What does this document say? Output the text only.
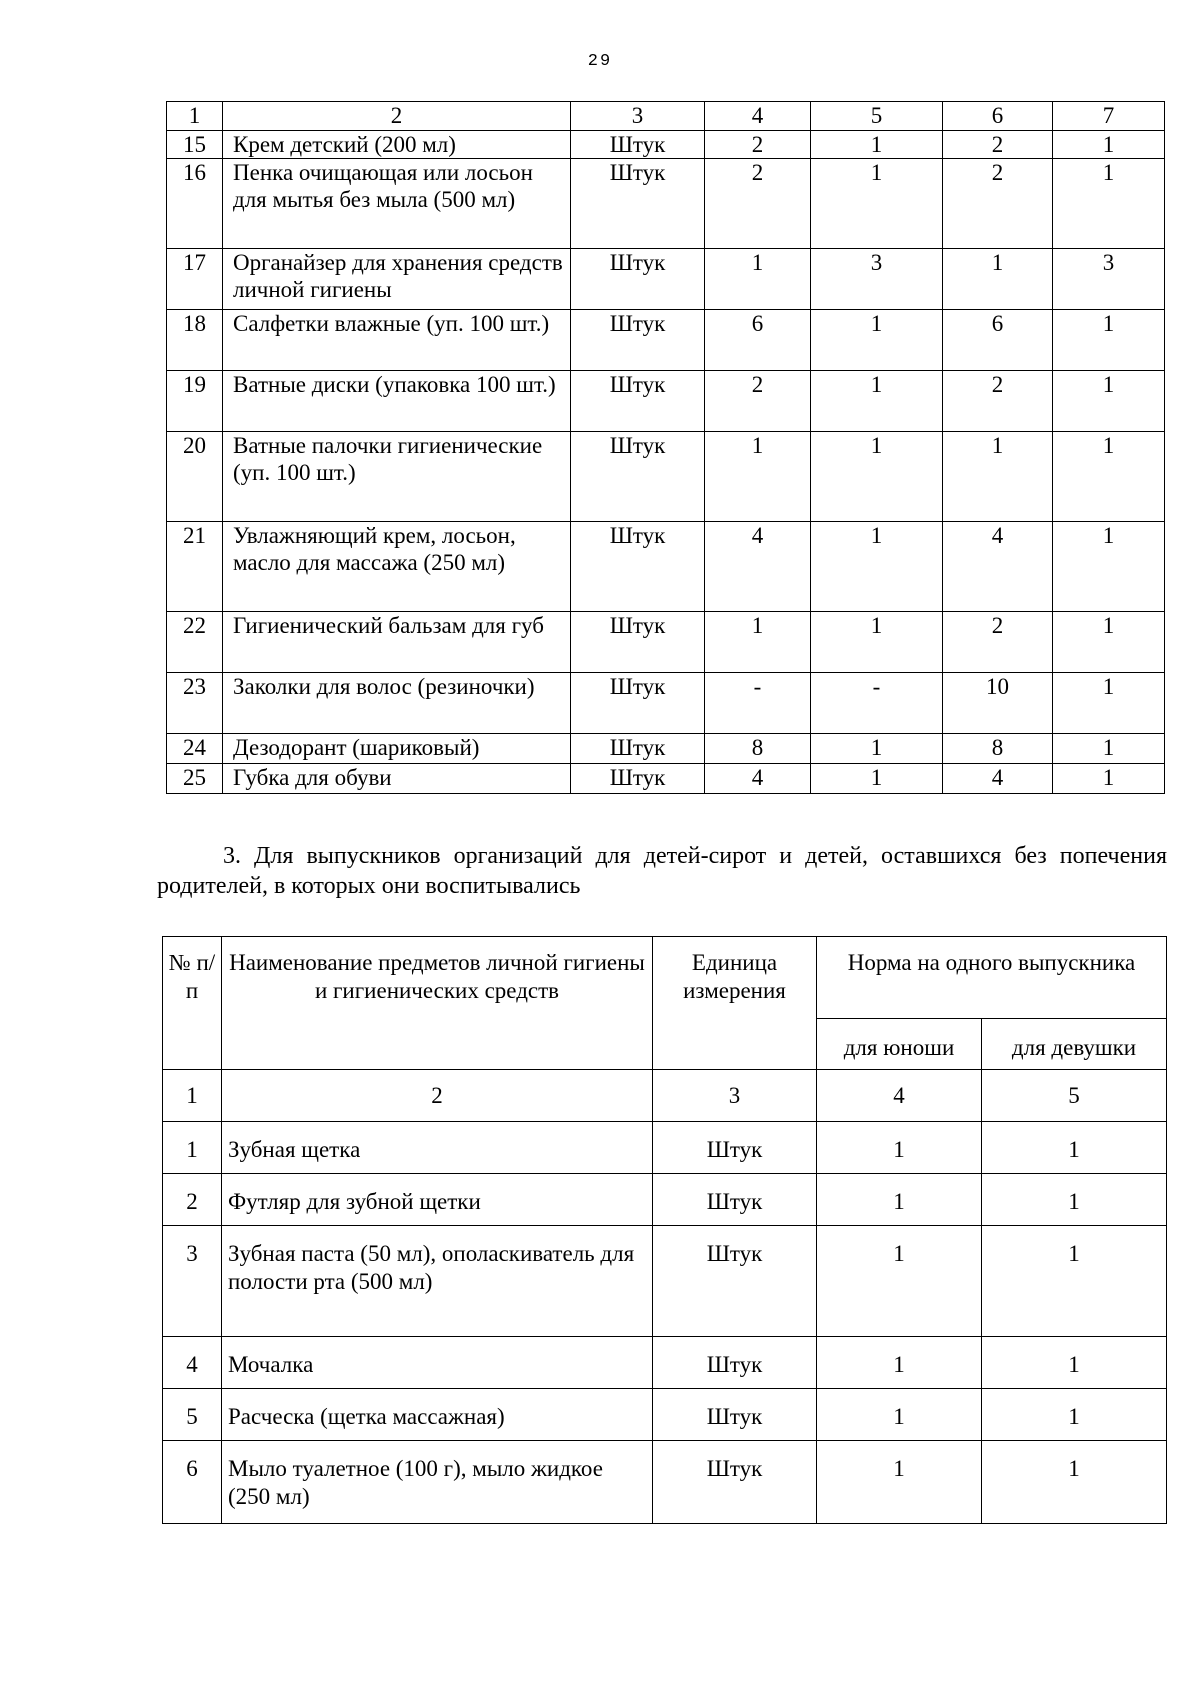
29
1	2	3	4	5	6	7
15	Крем детский (200 мл)	Штук	2	1	2	1
16	Пенка очищающая или лосьон для мытья без мыла (500 мл)	Штук	2	1	2	1
17	Органайзер для хранения средств личной гигиены	Штук	1	3	1	3
18	Салфетки влажные (уп. 100 шт.)	Штук	6	1	6	1
19	Ватные диски (упаковка 100 шт.)	Штук	2	1	2	1
20	Ватные палочки гигиенические (уп. 100 шт.)	Штук	1	1	1	1
21	Увлажняющий крем, лосьон, масло для массажа (250 мл)	Штук	4	1	4	1
22	Гигиенический бальзам для губ	Штук	1	1	2	1
23	Заколки для волос (резиночки)	Штук	-	-	10	1
24	Дезодорант (шариковый)	Штук	8	1	8	1
25	Губка для обуви	Штук	4	1	4	1
3. Для выпускников организаций для детей-сирот и детей, оставшихся без попечения родителей, в которых они воспитывались
№ п/п	Наименование предметов личной гигиены и гигиенических средств	Единица измерения	Норма на одного выпускника	
			для юноши	для девушки
1	2	3	4	5
1	Зубная щетка	Штук	1	1
2	Футляр для зубной щетки	Штук	1	1
3	Зубная паста (50 мл), ополаскиватель для полости рта (500 мл)	Штук	1	1
4	Мочалка	Штук	1	1
5	Расческа (щетка массажная)	Штук	1	1
6	Мыло туалетное (100 г), мыло жидкое (250 мл)	Штук	1	1
